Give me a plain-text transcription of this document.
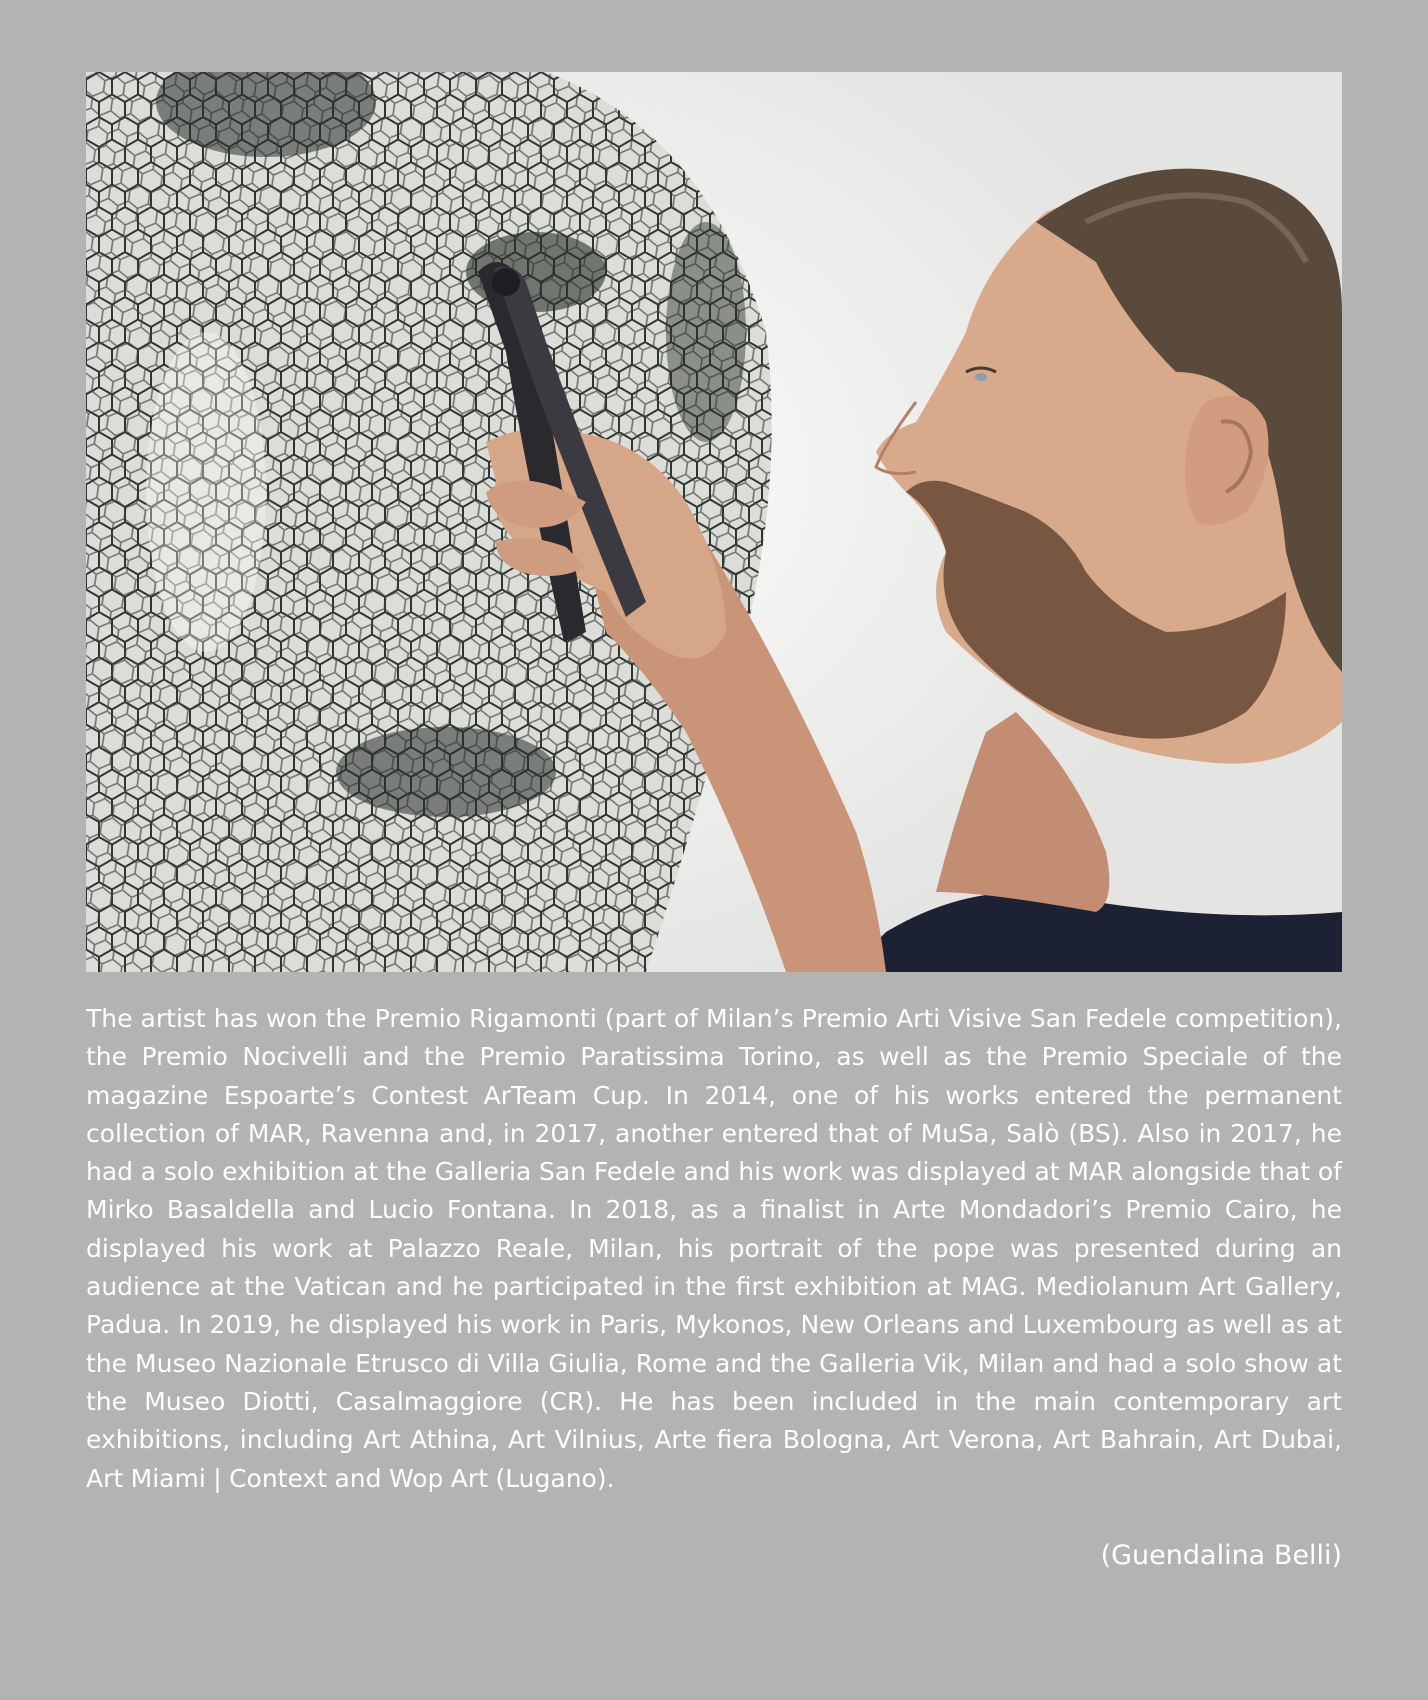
The artist has won the Premio Rigamonti (part of Milan’s Premio Arti Visive San Fedele competition), the Premio Nocivelli and the Premio Paratissima Torino, as well as the Premio Speciale of the magazine Espoarte’s Contest ArTeam Cup. In 2014, one of his works entered the permanent collection of MAR, Ravenna and, in 2017, another entered that of MuSa, Salò (BS). Also in 2017, he had a solo exhibition at the Galleria San Fedele and his work was displayed at MAR alongside that of Mirko Basaldella and Lucio Fontana. In 2018, as a finalist in Arte Mondadori’s Premio Cairo, he displayed his work at Palazzo Reale, Milan, his portrait of the pope was presented during an audience at the Vatican and he participated in the first exhibition at MAG. Mediolanum Art Gallery, Padua. In 2019, he displayed his work in Paris, Mykonos, New Orleans and Luxembourg as well as at the Museo Nazionale Etrusco di Villa Giulia, Rome and the Galleria Vik, Milan and had a solo show at the Museo Diotti, Casalmaggiore (CR). He has been included in the main contemporary art exhibitions, including Art Athina, Art Vilnius, Arte fiera Bologna, Art Verona, Art Bahrain, Art Dubai, Art Miami | Context and Wop Art (Lugano).

(Guendalina Belli)
